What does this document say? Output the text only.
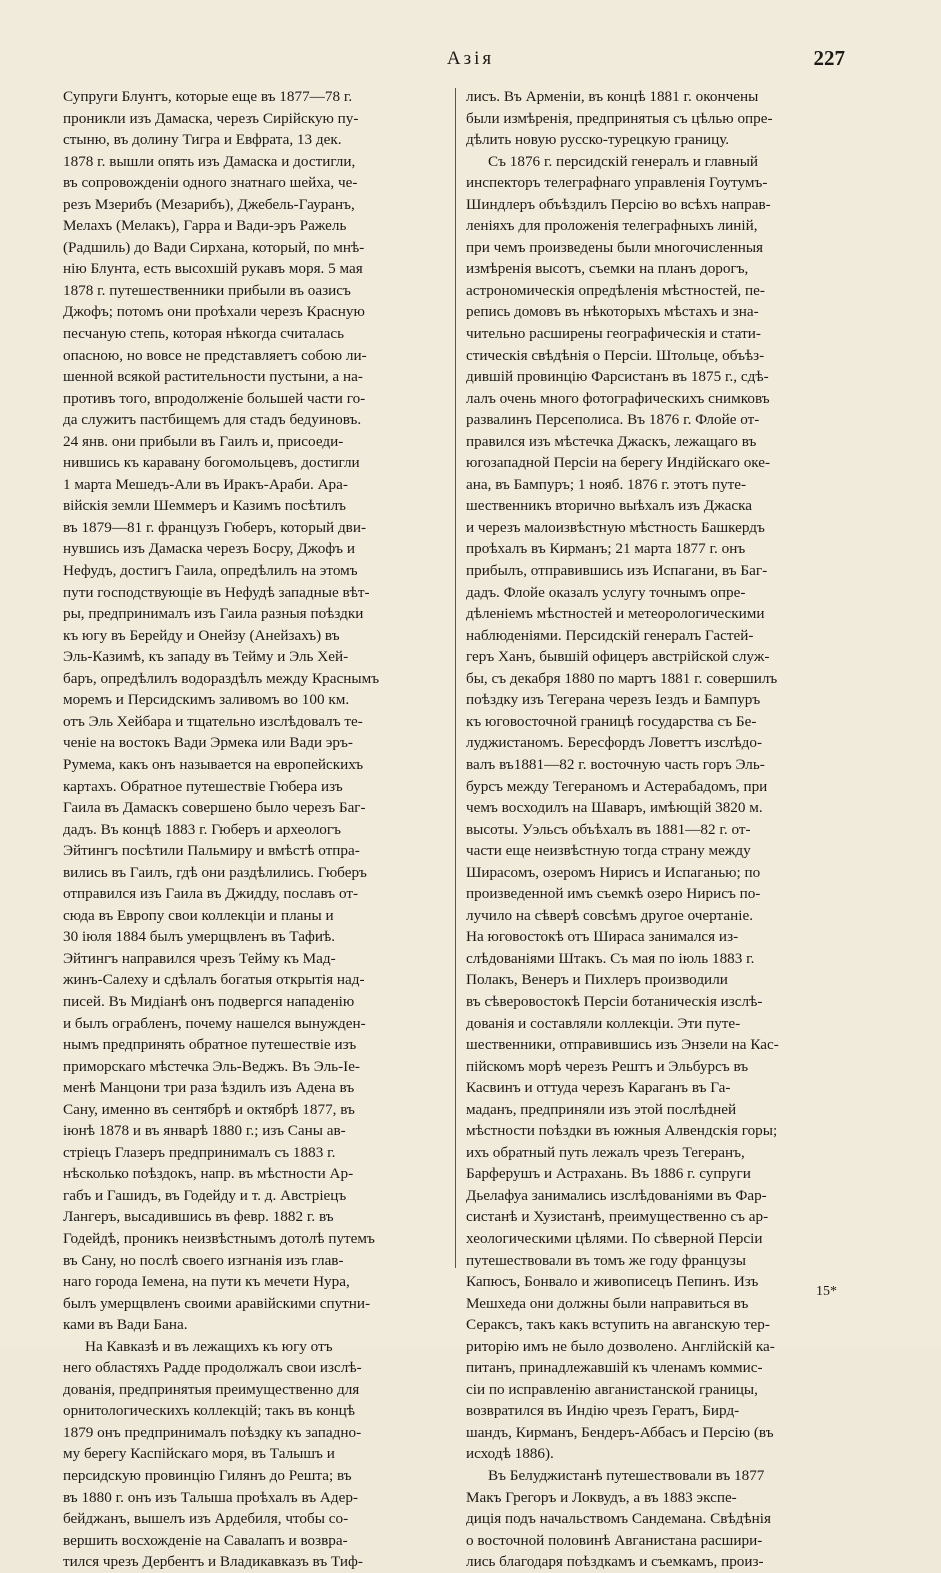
Азія	227
Супруги Блунтъ, которые еще въ 1877—78 г.
проникли изъ Дамаска, черезъ Сирійскую пу-
стыню, въ долину Тигра и Евфрата, 13 дек.
1878 г. вышли опять изъ Дамаска и достигли,
въ сопровожденіи одного знатнаго шейха, че-
резъ Мзерибъ (Мезарибъ), Джебель-Гауранъ,
Мелахъ (Мелакъ), Гарра и Вади-эръ Ражель
(Радшиль) до Вади Сирхана, который, по мнѣ-
нію Блунта, есть высохшій рукавъ моря. 5 мая
1878 г. путешественники прибыли въ оазисъ
Джофъ; потомъ они проѣхали черезъ Красную
песчаную степь, которая нѣкогда считалась
опасною, но вовсе не представляетъ собою ли-
шенной всякой растительности пустыни, а на-
противъ того, впродолженіе большей части го-
да служитъ пастбищемъ для стадъ бедуиновъ.
24 янв. они прибыли въ Гаилъ и, присоеди-
нившись къ каравану богомольцевъ, достигли
1 марта Мешедъ-Али въ Иракъ-Араби. Ара-
війскія земли Шеммеръ и Казимъ посѣтилъ
въ 1879—81 г. французъ Гюберъ, который дви-
нувшись изъ Дамаска черезъ Босру, Джофъ и
Нефудъ, достигъ Гаила, опредѣлилъ на этомъ
пути господствующіе въ Нефудѣ западные вѣт-
ры, предпринималъ изъ Гаила разныя поѣздки
къ югу въ Берейду и Онейзу (Анейзахъ) въ
Эль-Казимѣ, къ западу въ Тейму и Эль Хей-
баръ, опредѣлилъ водораздѣлъ между Краснымъ
моремъ и Персидскимъ заливомъ во 100 км.
отъ Эль Хейбара и тщательно изслѣдовалъ те-
ченіе на востокъ Вади Эрмека или Вади эръ-
Румема, какъ онъ называется на европейскихъ
картахъ. Обратное путешествіе Гюбера изъ
Гаила въ Дамаскъ совершено было черезъ Баг-
дадъ. Въ концѣ 1883 г. Гюберъ и археологъ
Эйтингъ посѣтили Пальмиру и вмѣстѣ отпра-
вились въ Гаилъ, гдѣ они раздѣлились. Гюберъ
отправился изъ Гаила въ Джидду, пославъ от-
сюда въ Европу свои коллекціи и планы и
30 іюля 1884 былъ умерщвленъ въ Тафиѣ.
Эйтингъ направился чрезъ Тейму къ Мад-
жинъ-Салеху и сдѣлалъ богатыя открытія над-
писей. Въ Мидіанѣ онъ подвергся нападенію
и былъ ограбленъ, почему нашелся вынужден-
нымъ предпринять обратное путешествіе изъ
приморскаго мѣстечка Эль-Веджъ. Въ Эль-Іе-
менѣ Манцони три раза ѣздилъ изъ Адена въ
Сану, именно въ сентябрѣ и октябрѣ 1877, въ
іюнѣ 1878 и въ январѣ 1880 г.; изъ Саны ав-
стріецъ Глазеръ предпринималъ съ 1883 г.
нѣсколько поѣздокъ, напр. въ мѣстности Ар-
габъ и Гашидъ, въ Годейду и т. д. Австріецъ
Лангеръ, высадившись въ февр. 1882 г. въ
Годейдѣ, проникъ неизвѣстнымъ дотолѣ путемъ
въ Сану, но послѣ своего изгнанія изъ глав-
наго города Іемена, на пути къ мечети Нура,
былъ умерщвленъ своими аравійскими спутни-
ками въ Вади Бана.
На Кавказѣ и въ лежащихъ къ югу отъ
него областяхъ Радде продолжалъ свои изслѣ-
дованія, предпринятыя преимущественно для
орнитологическихъ коллекцій; такъ въ концѣ
1879 онъ предпринималъ поѣздку къ западно-
му берегу Каспійскаго моря, въ Талышъ и
персидскую провинцію Гилянъ до Решта; въ
въ 1880 г. онъ изъ Талыша проѣхалъ въ Адер-
бейджанъ, вышелъ изъ Ардебиля, чтобы со-
вершить восхожденіе на Савалапъ и возвра-
тился чрезъ Дербентъ и Владикавказъ въ Тиф-
лисъ. Въ Арменіи, въ концѣ 1881 г. окончены
были измѣренія, предпринятыя съ цѣлью опре-
дѣлить новую русско-турецкую границу.
Съ 1876 г. персидскій генералъ и главный
инспекторъ телеграфнаго управленія Гоутумъ-
Шиндлеръ объѣздилъ Персію во всѣхъ направ-
леніяхъ для проложенія телеграфныхъ линій,
при чемъ произведены были многочисленныя
измѣренія высотъ, съемки на планъ дорогъ,
астрономическія опредѣленія мѣстностей, пе-
репись домовъ въ нѣкоторыхъ мѣстахъ и зна-
чительно расширены географическія и стати-
стическія свѣдѣнія о Персіи. Штольце, объѣз-
дившій провинцію Фарсистанъ въ 1875 г., сдѣ-
лалъ очень много фотографическихъ снимковъ
развалинъ Персеполиса. Въ 1876 г. Флойе от-
правился изъ мѣстечка Джаскъ, лежащаго въ
югозападной Персіи на берегу Индійскаго оке-
ана, въ Бампуръ; 1 нояб. 1876 г. этотъ путе-
шественникъ вторично выѣхалъ изъ Джаска
и черезъ малоизвѣстную мѣстность Башкердъ
проѣхалъ въ Кирманъ; 21 марта 1877 г. онъ
прибылъ, отправившись изъ Испагани, въ Баг-
дадъ. Флойе оказалъ услугу точнымъ опре-
дѣленіемъ мѣстностей и метеорологическими
наблюденіями. Персидскій генералъ Гастей-
геръ Ханъ, бывшій офицеръ австрійской служ-
бы, съ декабря 1880 по мартъ 1881 г. совершилъ
поѣздку изъ Тегерана черезъ Іездъ и Бампуръ
къ юговосточной границѣ государства съ Бе-
луджистаномъ. Бересфордъ Ловеттъ изслѣдо-
валъ въ1881—82 г. восточную часть горъ Эль-
бурсъ между Тегераномъ и Астерабадомъ, при
чемъ восходилъ на Шаваръ, имѣющій 3820 м.
высоты. Уэльсъ объѣхалъ въ 1881—82 г. от-
части еще неизвѣстную тогда страну между
Ширасомъ, озеромъ Нирисъ и Испаганью; по
произведенной имъ съемкѣ озеро Нирисъ по-
лучило на сѣверѣ совсѣмъ другое очертаніе.
На юговостокѣ отъ Шираса занимался из-
слѣдованіями Штакъ. Съ мая по іюль 1883 г.
Полакъ, Венеръ и Пихлеръ производили
въ сѣверовостокѣ Персіи ботаническія изслѣ-
дованія и составляли коллекціи. Эти путе-
шественники, отправившись изъ Энзели на Кас-
пійскомъ морѣ черезъ Рештъ и Эльбурсъ въ
Касвинъ и оттуда черезъ Караганъ въ Га-
маданъ, предприняли изъ этой послѣдней
мѣстности поѣздки въ южныя Алвендскія горы;
ихъ обратный путь лежалъ чрезъ Тегеранъ,
Барферушъ и Астрахань. Въ 1886 г. супруги
Дьелафуа занимались изслѣдованіями въ Фар-
систанѣ и Хузистанѣ, преимущественно съ ар-
хеологическими цѣлями. По сѣверной Персіи
путешествовали въ томъ же году французы
Капюсъ, Бонвало и живописецъ Пепинъ. Изъ
Мешхеда они должны были направиться въ
Сераксъ, такъ какъ вступить на авганскую тер-
риторію имъ не было дозволено. Англійскій ка-
питанъ, принадлежавшій къ членамъ коммис-
сіи по исправленію авганистанской границы,
возвратился въ Индію чрезъ Гератъ, Бирд-
шандъ, Кирманъ, Бендеръ-Аббасъ и Персію (въ
исходѣ 1886).
Въ Белуджистанѣ путешествовали въ 1877
Макъ Грегоръ и Локвудъ, а въ 1883 экспе-
диція подъ начальствомъ Сандемана. Свѣдѣнія
о восточной половинѣ Авганистана расшири-
лись благодаря поѣздкамъ и съемкамъ, произ-
15*
